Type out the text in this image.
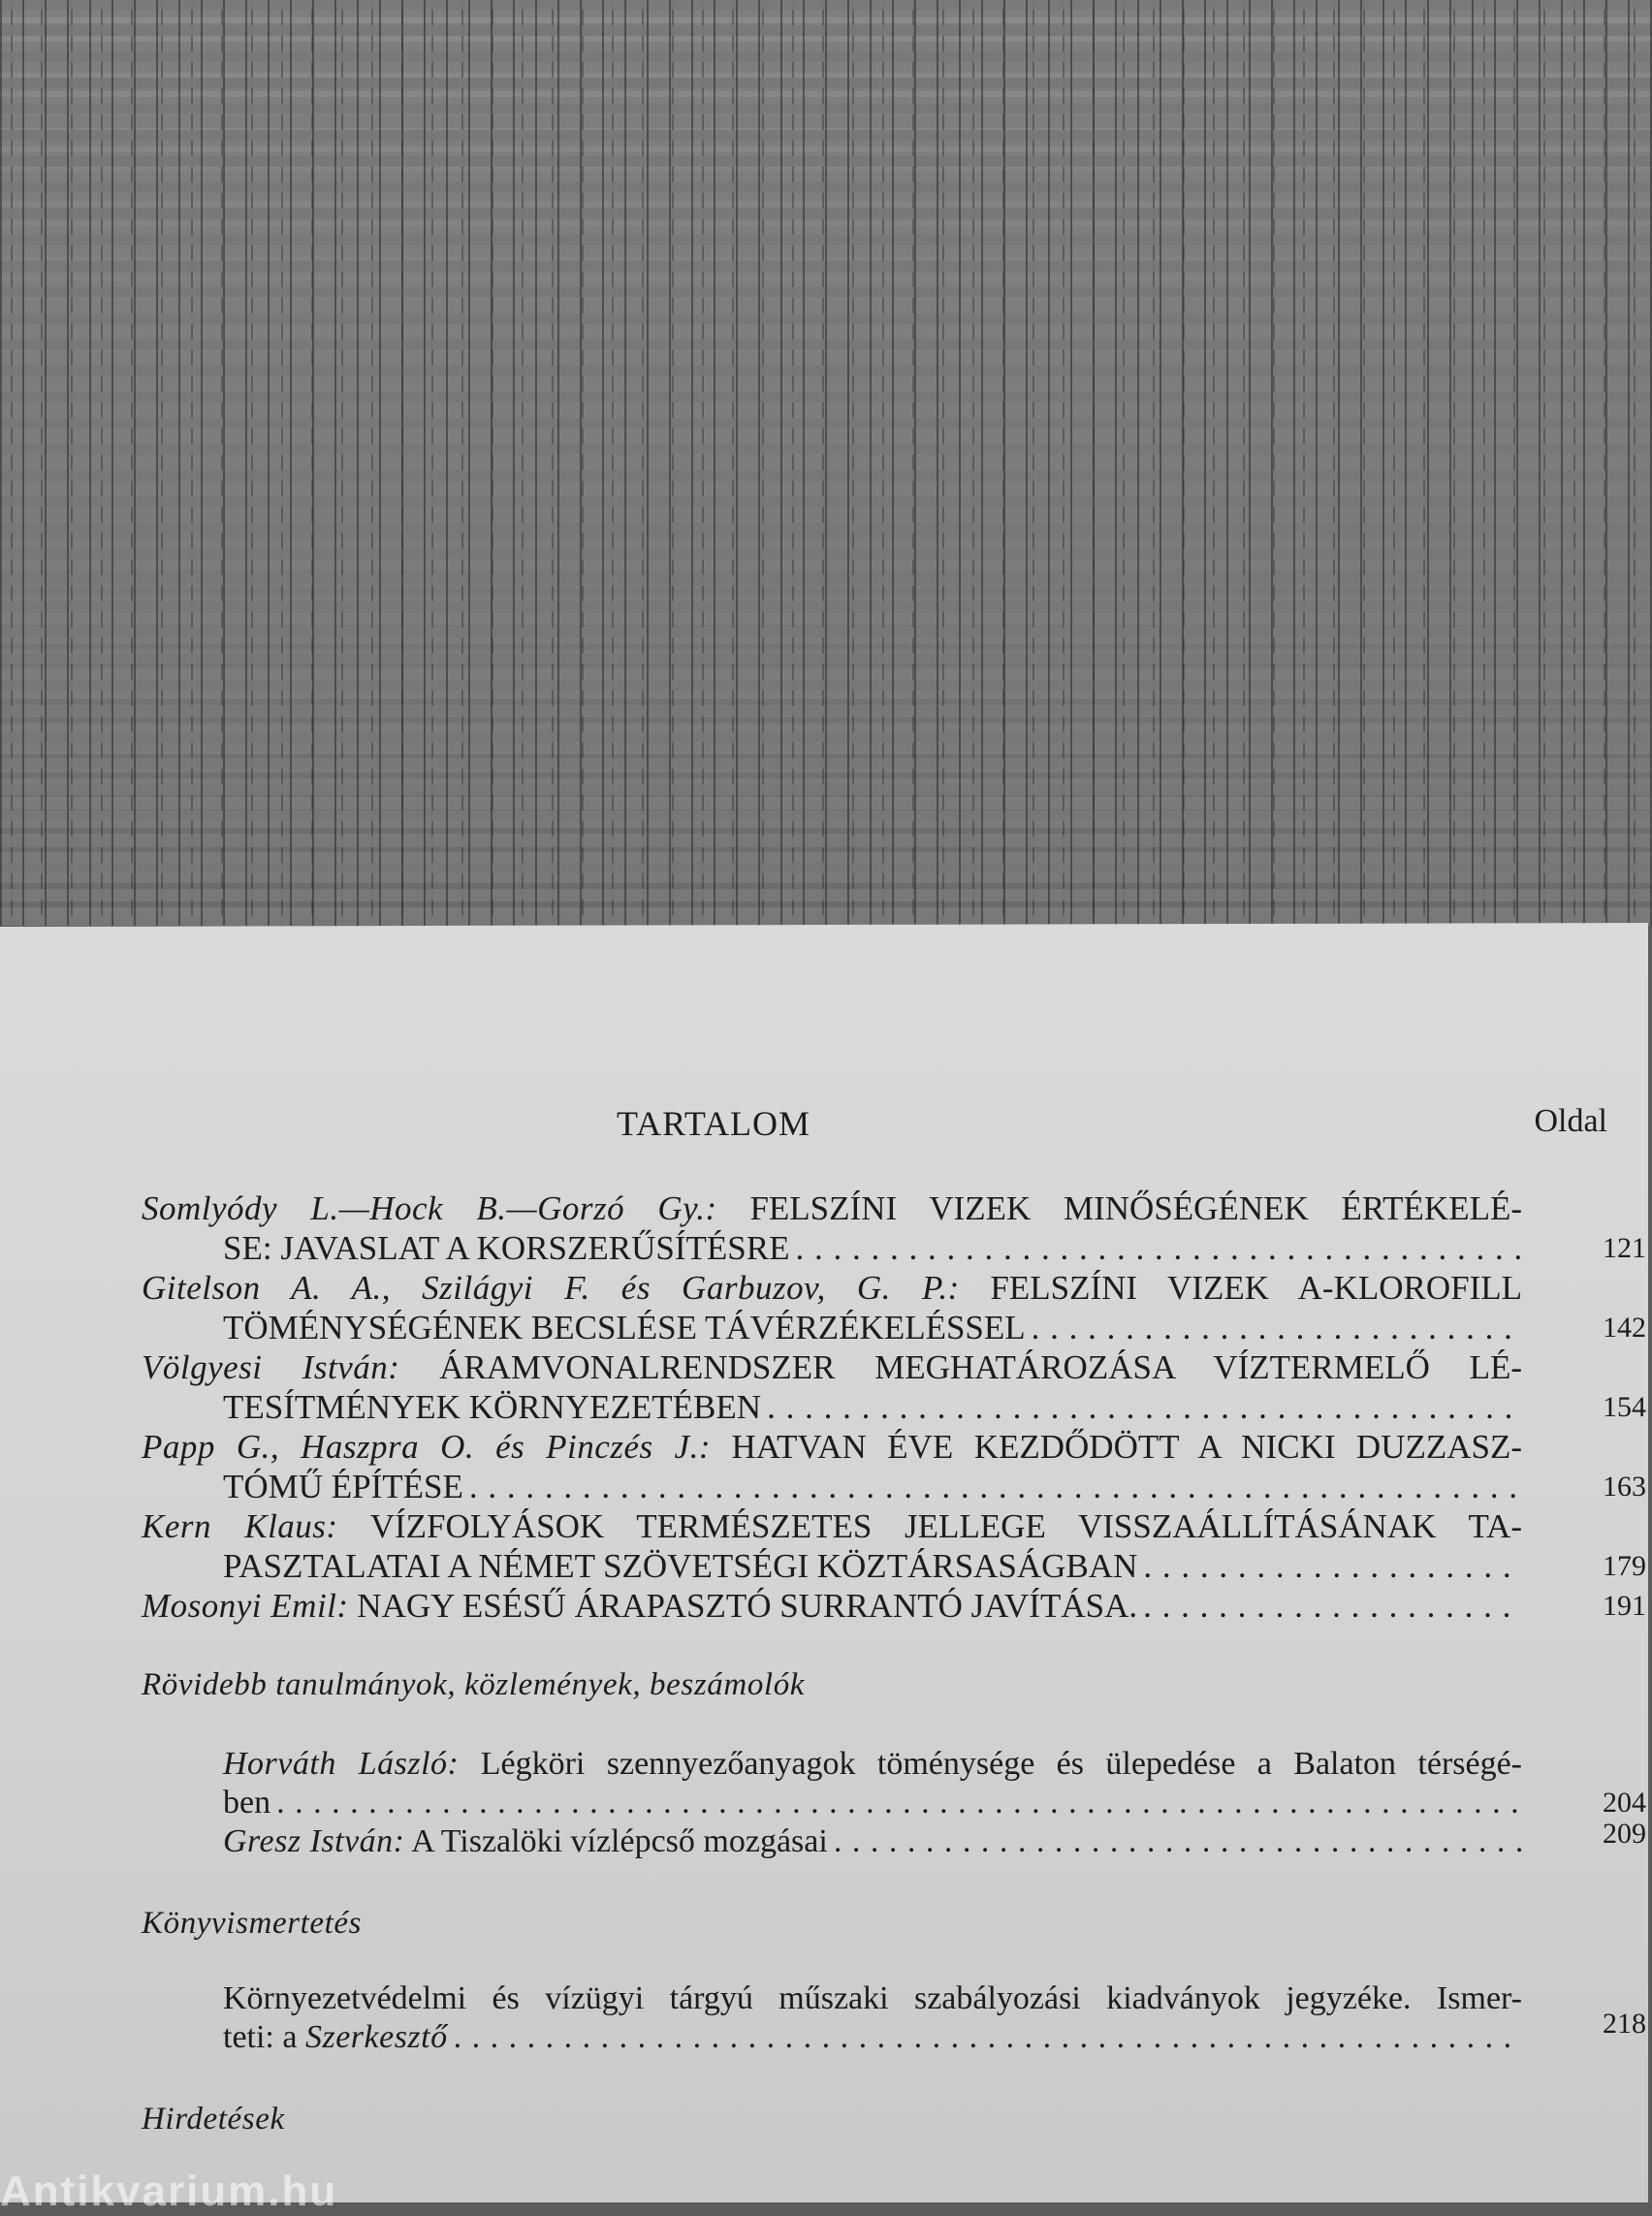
TARTALOM	Oldal
Somlyódy L.—Hock B.—Gorzó Gy.: FELSZÍNI VIZEK MINŐSÉGÉNEK ÉRTÉKELÉ-
SE: JAVASLAT A KORSZERŰSÍTÉSRE . . .	121
Gitelson A. A., Szilágyi F. és Garbuzov, G. P.: FELSZÍNI VIZEK A-KLOROFILL
TÖMÉNYSÉGÉNEK BECSLÉSE TÁVÉRZÉKELÉSSEL . . .	142
Völgyesi István: ÁRAMVONALRENDSZER MEGHATÁROZÁSA VÍZTERMELŐ LÉ-
TESÍTMÉNYEK KÖRNYEZETÉBEN . . .	154
Papp G., Haszpra O. és Pinczés J.: HATVAN ÉVE KEZDŐDÖTT A NICKI DUZZASZ-
TÓMŰ ÉPÍTÉSE . . .	163
Kern Klaus: VÍZFOLYÁSOK TERMÉSZETES JELLEGE VISSZAÁLLÍTÁSÁNAK TA-
PASZTALATAI A NÉMET SZÖVETSÉGI KÖZTÁRSASÁGBAN . . .	179
Mosonyi Emil: NAGY ESÉSŰ ÁRAPASZTÓ SURRANTÓ JAVÍTÁSA. . . .	191
Rövidebb tanulmányok, közlemények, beszámolók
Horváth László: Légköri szennyezőanyagok töménysége és ülepedése a Balaton térségé-
ben . . .	204
Gresz István: A Tiszalöki vízlépcső mozgásai . . .	209
Könyvismertetés
Környezetvédelmi és vízügyi tárgyú műszaki szabályozási kiadványok jegyzéke. Ismer-
teti: a Szerkesztő . . .	218
Hirdetések
Antikvarium.hu
